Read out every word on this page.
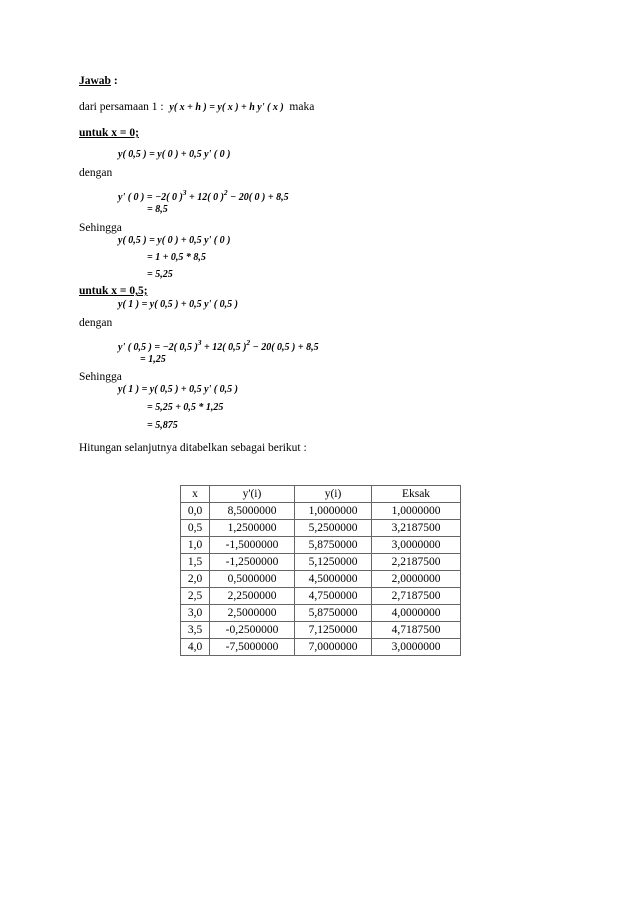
Jawab :
dari persamaan 1 : y( x + h ) = y( x ) + h y' ( x ) maka
untuk x = 0;
y( 0,5 ) = y( 0 ) + 0,5 y' ( 0 )
dengan
y' ( 0 ) = −2( 0 )$^3$ + 12( 0 )$^2$ − 20( 0 ) + 8,5
= 8,5
Sehingga
y( 0,5 ) = y( 0 ) + 0,5 y' ( 0 )
= 1 + 0,5 * 8,5
= 5,25
untuk x = 0,5;
y( 1 ) = y( 0,5 ) + 0,5 y' ( 0,5 )
dengan
y' ( 0,5 ) = −2( 0,5 )$^3$ + 12( 0,5 )$^2$ − 20( 0,5 ) + 8,5
= 1,25
Sehingga
y( 1 ) = y( 0,5 ) + 0,5 y' ( 0,5 )
= 5,25 + 0,5 * 1,25
= 5,875
Hitungan selanjutnya ditabelkan sebagai berikut :
x	y'(i)	y(i)	Eksak
0,0	8,5000000	1,0000000	1,0000000
0,5	1,2500000	5,2500000	3,2187500
1,0	-1,5000000	5,8750000	3,0000000
1,5	-1,2500000	5,1250000	2,2187500
2,0	0,5000000	4,5000000	2,0000000
2,5	2,2500000	4,7500000	2,7187500
3,0	2,5000000	5,8750000	4,0000000
3,5	-0,2500000	7,1250000	4,7187500
4,0	-7,5000000	7,0000000	3,0000000
